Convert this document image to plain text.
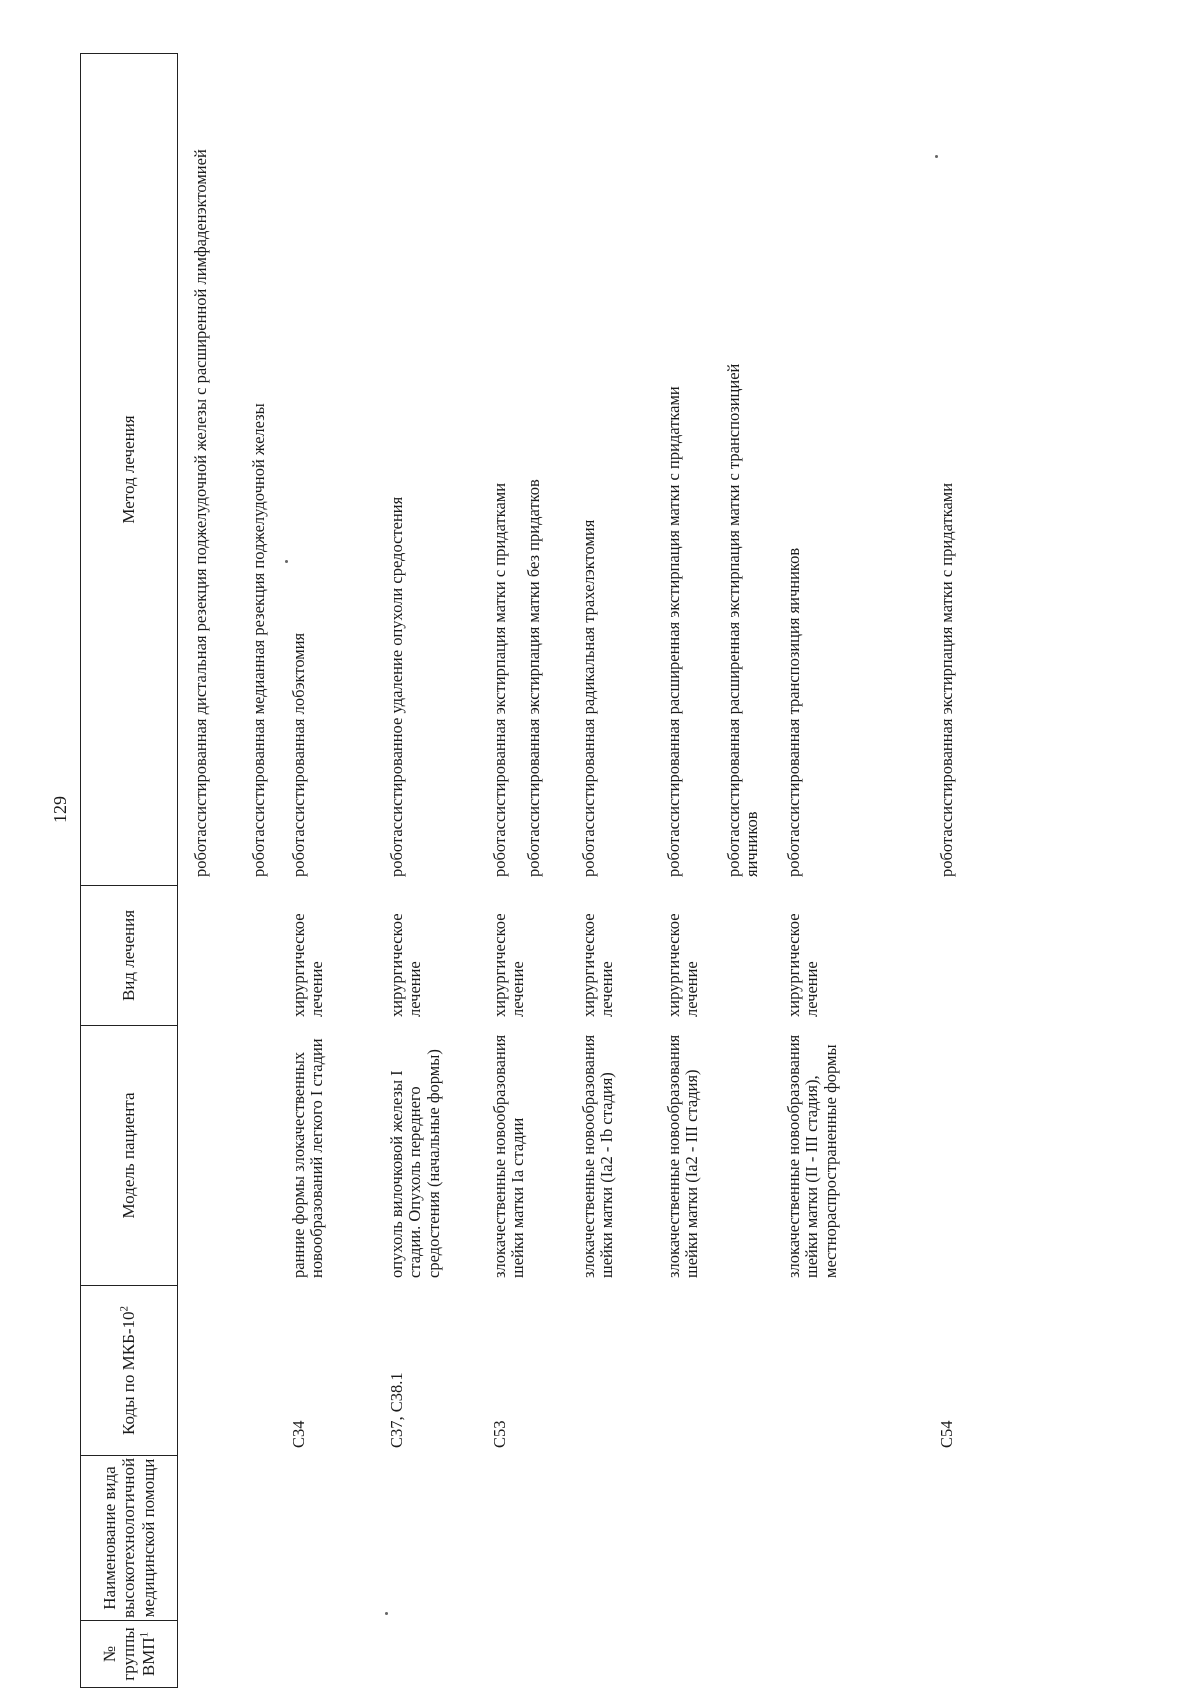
129
№ группы ВМП$^1$
Наименование вида высокотехнологичной медицинской помощи
Коды по МКБ-$10^2$
Модель пациента
Вид лечения
Метод лечения	роботассистированная дистальная резекция поджелудочной железы с расширенной лимфаденэктомией роботассистированная медианная резекция поджелудочной железы
C34
ранние формы злокачественных новообразований легкого I стадии
хирургическое лечение
роботассистированная лобэктомия
C37, C38.1
опухоль вилочковой железы I стадии. Опухоль переднего средостения (начальные формы)
хирургическое лечение
роботассистированное удаление опухоли средостения
C53
злокачественные новообразования шейки матки Ia стадии
хирургическое лечение
роботассистированная экстирпация матки с придатками роботассистированная экстирпация матки без придатков
злокачественные новообразования шейки матки (Ia2 - Ib стадия)
хирургическое лечение
роботассистированная радикальная трахелэктомия
злокачественные новообразования шейки матки (Ia2 - III стадия)
хирургическое лечение
роботассистированная расширенная экстирпация матки с придатками роботассистированная расширенная экстирпация матки с транспозицией яичников
злокачественные новообразования шейки матки (II - III стадия), местнораспространенные формы
хирургическое лечение
роботассистированная транспозиция яичников
C54
роботассистированная экстирпация матки с придатками
